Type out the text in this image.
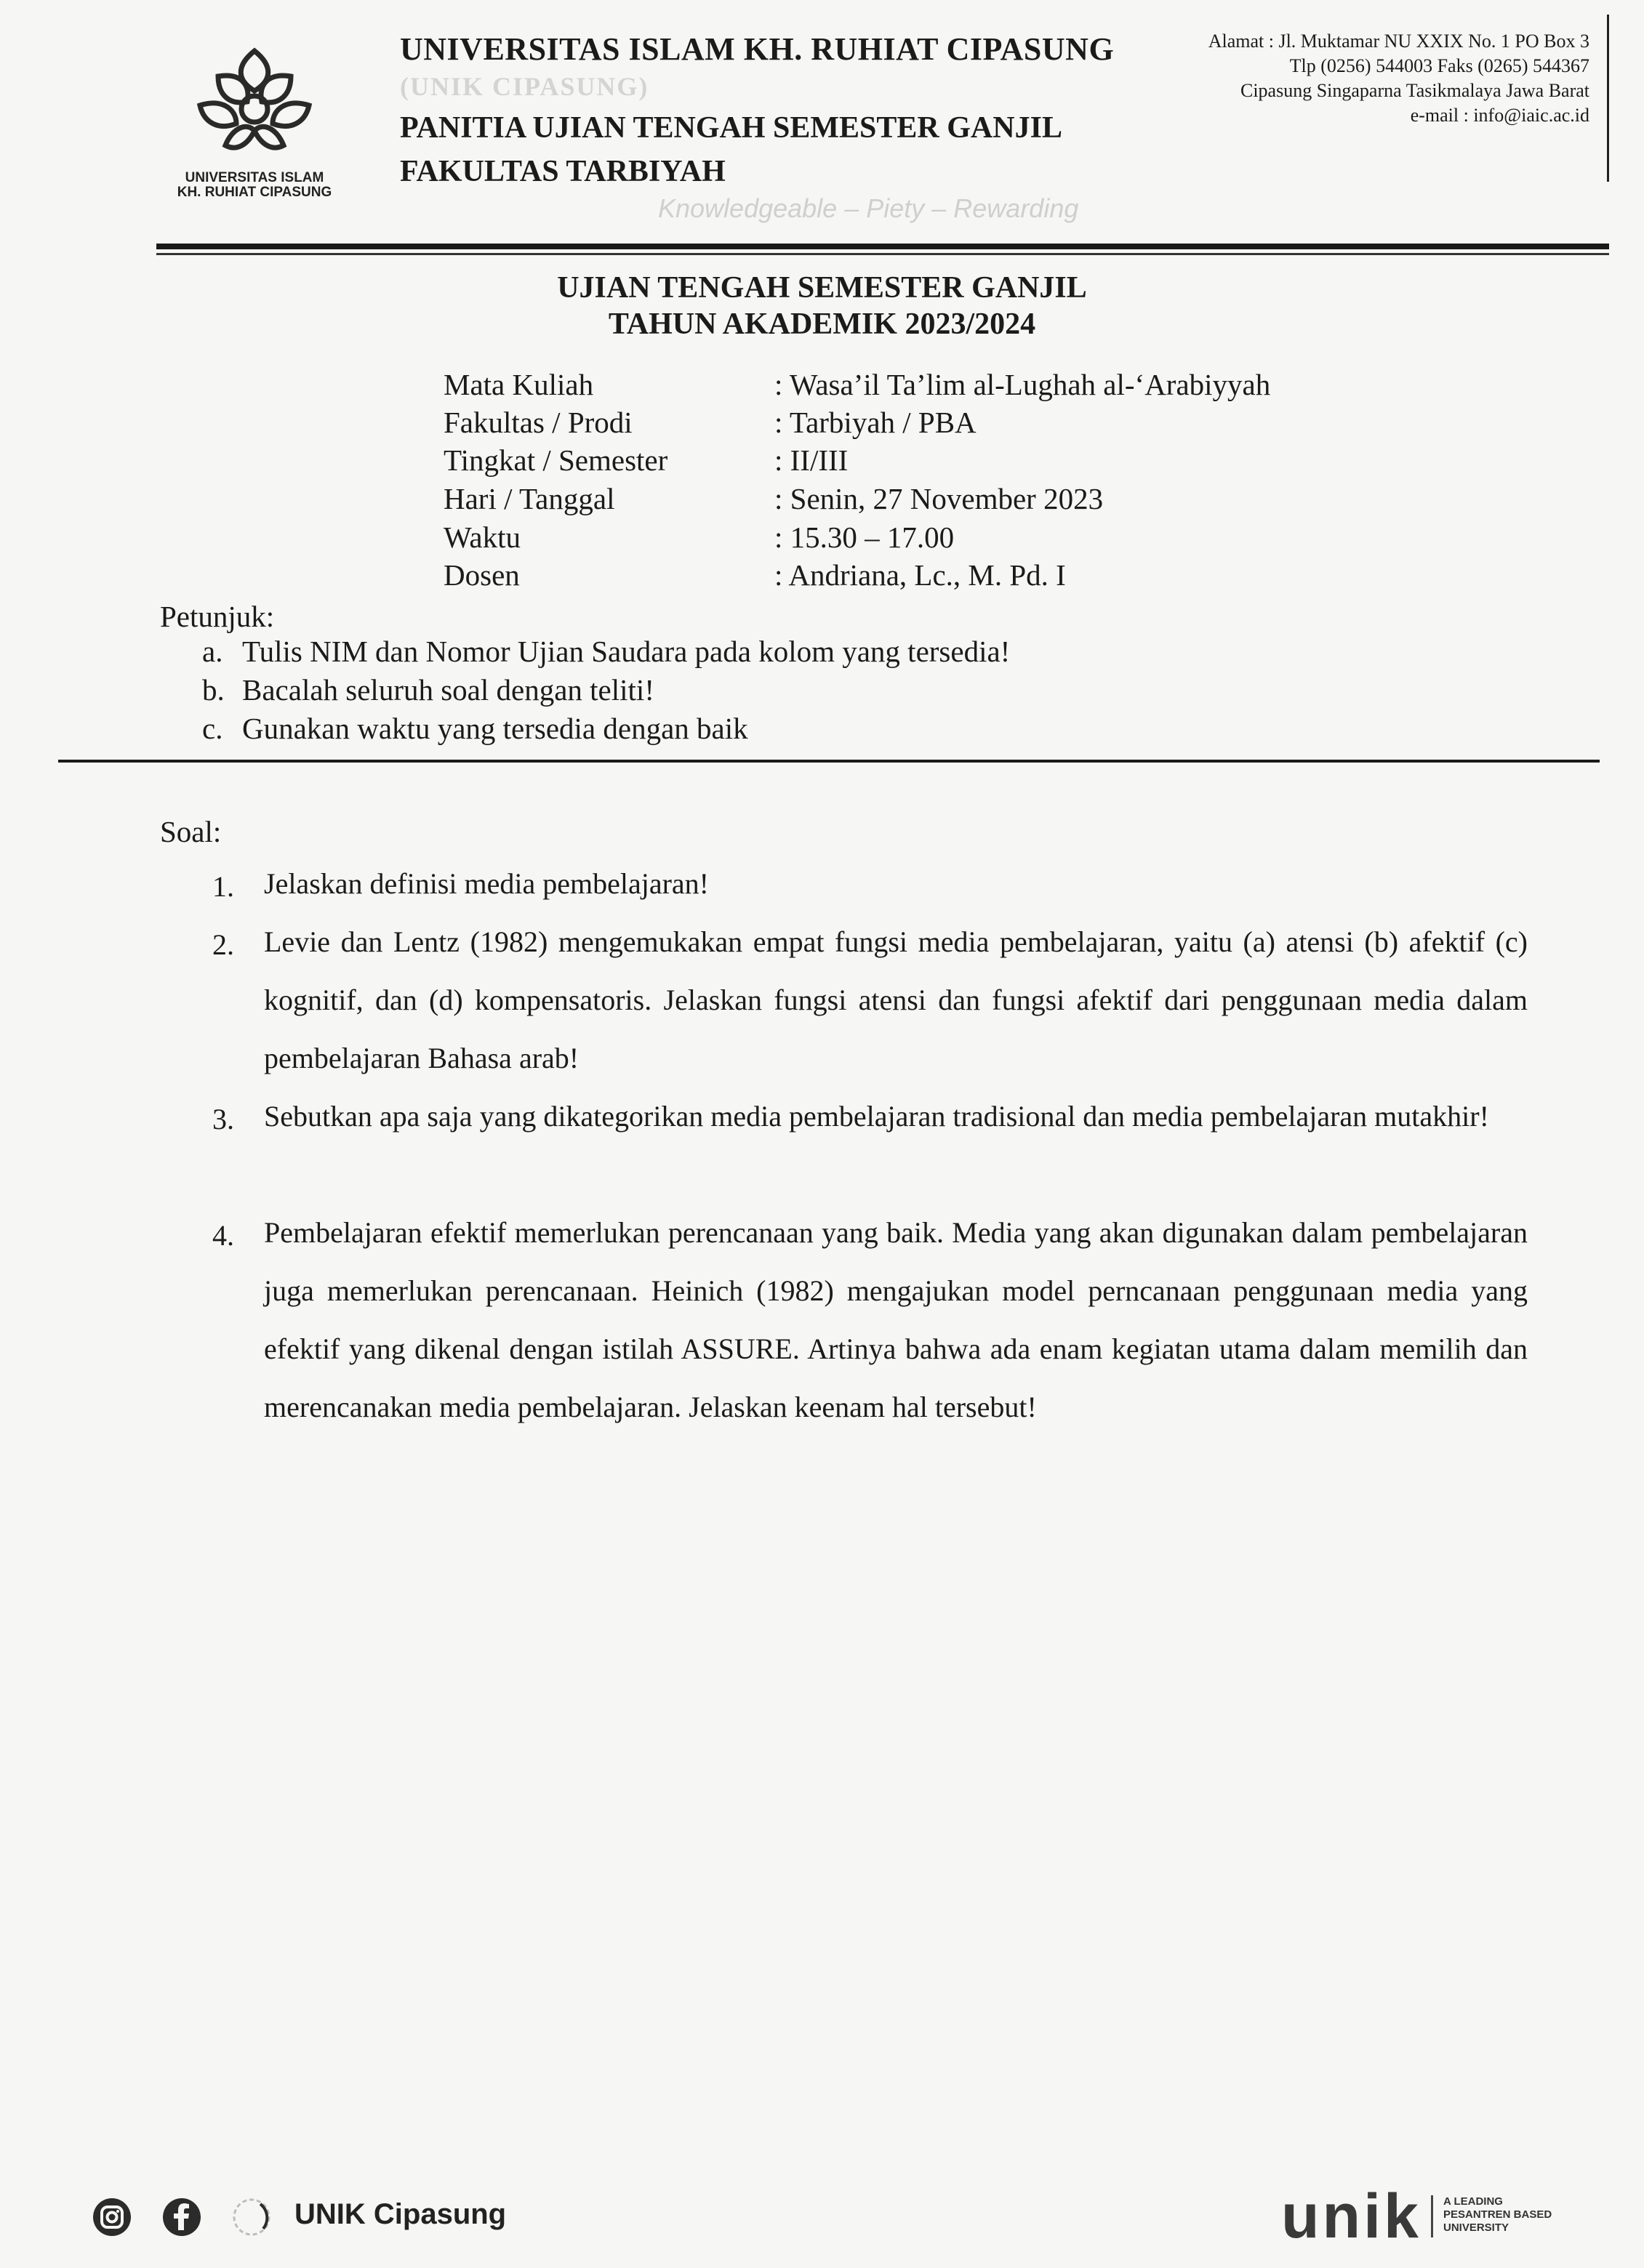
UNIVERSITAS ISLAM
KH. RUHIAT CIPASUNG
UNIVERSITAS ISLAM KH. RUHIAT CIPASUNG
(UNIK CIPASUNG)
PANITIA UJIAN TENGAH SEMESTER GANJIL
FAKULTAS TARBIYAH
Knowledgeable – Piety – Rewarding
Alamat : Jl. Muktamar NU XXIX No. 1 PO Box 3
Tlp (0256) 544003 Faks (0265) 544367
Cipasung Singaparna Tasikmalaya Jawa Barat
e-mail : info@iaic.ac.id
UJIAN TENGAH SEMESTER GANJIL
TAHUN AKADEMIK 2023/2024
Mata Kuliah	: Wasa’il Ta’lim al-Lughah al-‘Arabiyyah
Fakultas / Prodi	: Tarbiyah / PBA
Tingkat / Semester	: II/III
Hari / Tanggal	: Senin, 27 November 2023
Waktu	: 15.30 – 17.00
Dosen	: Andriana, Lc., M. Pd. I
Petunjuk:
a. Tulis NIM dan Nomor Ujian Saudara pada kolom yang tersedia!
b. Bacalah seluruh soal dengan teliti!
c. Gunakan waktu yang tersedia dengan baik
Soal:
1. Jelaskan definisi media pembelajaran!
2. Levie dan Lentz (1982) mengemukakan empat fungsi media pembelajaran, yaitu (a) atensi (b) afektif (c) kognitif, dan (d) kompensatoris. Jelaskan fungsi atensi dan fungsi afektif dari penggunaan media dalam pembelajaran Bahasa arab!
3. Sebutkan apa saja yang dikategorikan media pembelajaran tradisional dan media pembelajaran mutakhir!
4. Pembelajaran efektif memerlukan perencanaan yang baik. Media yang akan digunakan dalam pembelajaran juga memerlukan perencanaan. Heinich (1982) mengajukan model perncanaan penggunaan media yang efektif yang dikenal dengan istilah ASSURE. Artinya bahwa ada enam kegiatan utama dalam memilih dan merencanakan media pembelajaran. Jelaskan keenam hal tersebut!
UNIK Cipasung	unik A LEADING
PESANTREN BASED
UNIVERSITY
